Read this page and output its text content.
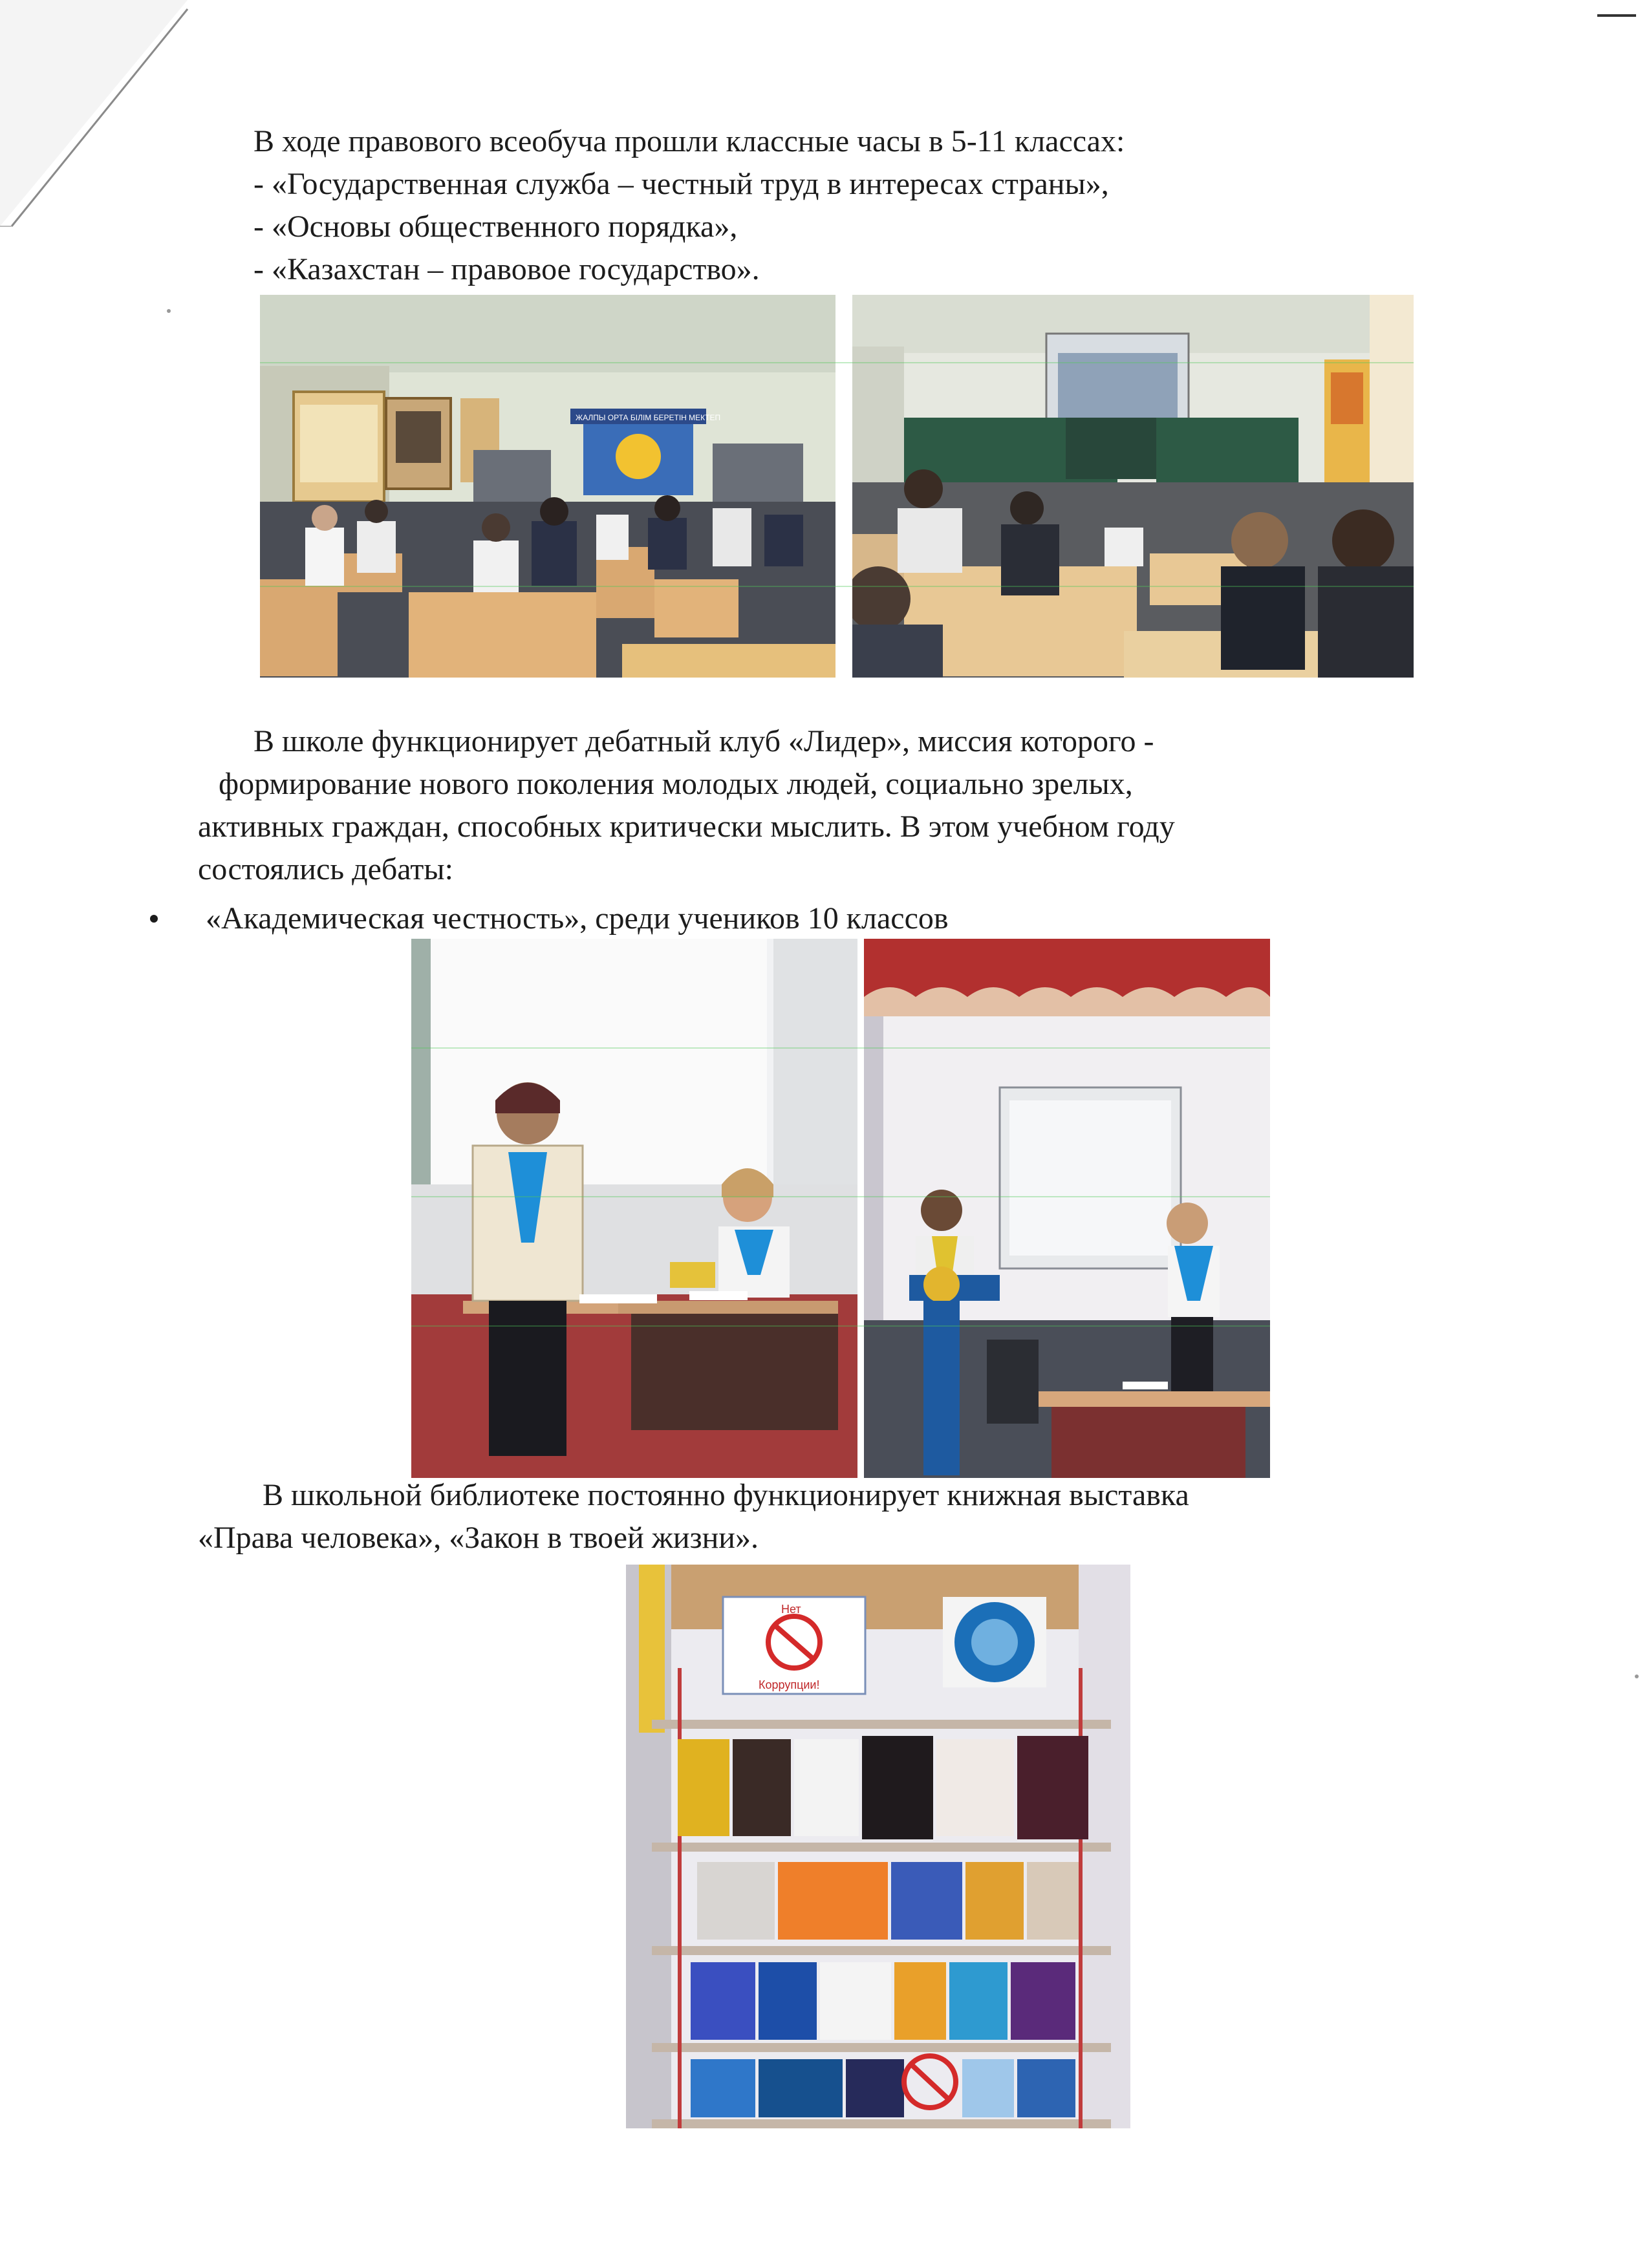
В ходе правового всеобуча прошли классные часы в 5-11 классах:
- «Государственная служба – честный труд в интересах страны»,
- «Основы общественного порядка»,
- «Казахстан – правовое государство».
ЖАЛПЫ ОРТА БІЛІМ БЕРЕТІН МЕКТЕП
В школе функционирует дебатный клуб «Лидер», миссия которого -
формирование нового поколения молодых людей, социально зрелых,
активных граждан, способных критически мыслить. В этом учебном году
состоялись дебаты:
«Академическая честность», среди учеников 10 классов
В школьной библиотеке постоянно функционирует книжная выставка
«Права человека», «Закон в твоей жизни».
Нет
Коррупции!
